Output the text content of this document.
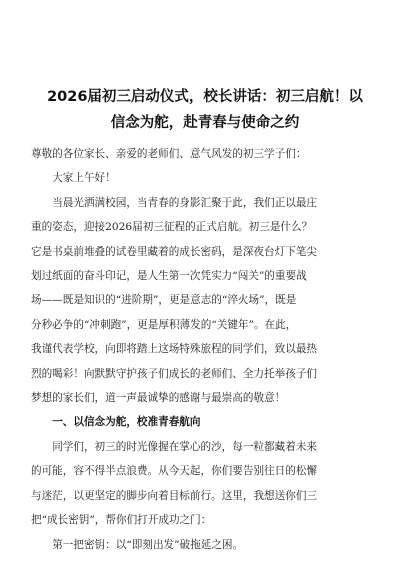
2026届初三启动仪式，校长讲话：初三启航！以
信念为舵，赴青春与使命之约

尊敬的各位家长、亲爱的老师们、意气风发的初三学子们：

大家上午好！

当晨光洒满校园，当青春的身影汇聚于此，我们正以最庄
重的姿态，迎接2026届初三征程的正式启航。初三是什么？
它是书桌前堆叠的试卷里藏着的成长密码，是深夜台灯下笔尖
划过纸面的奋斗印记，是人生第一次凭实力“闯关”的重要战
场——既是知识的“进阶期”，更是意志的“淬火场”，既是
分秒必争的“冲刺跑”，更是厚积薄发的“关键年”。在此，
我谨代表学校，向即将踏上这场特殊旅程的同学们，致以最热
烈的喝彩！向默默守护孩子们成长的老师们、全力托举孩子们
梦想的家长们，道一声最诚挚的感谢与最崇高的敬意！

一、以信念为舵，校准青春航向

同学们，初三的时光像握在掌心的沙，每一粒都藏着未来
的可能，容不得半点浪费。从今天起，你们要告别往日的松懈
与迷茫，以更坚定的脚步向着目标前行。这里，我想送你们三
把“成长密钥”，帮你们打开成功之门：

第一把密钥：以“即刻出发”破拖延之困。
